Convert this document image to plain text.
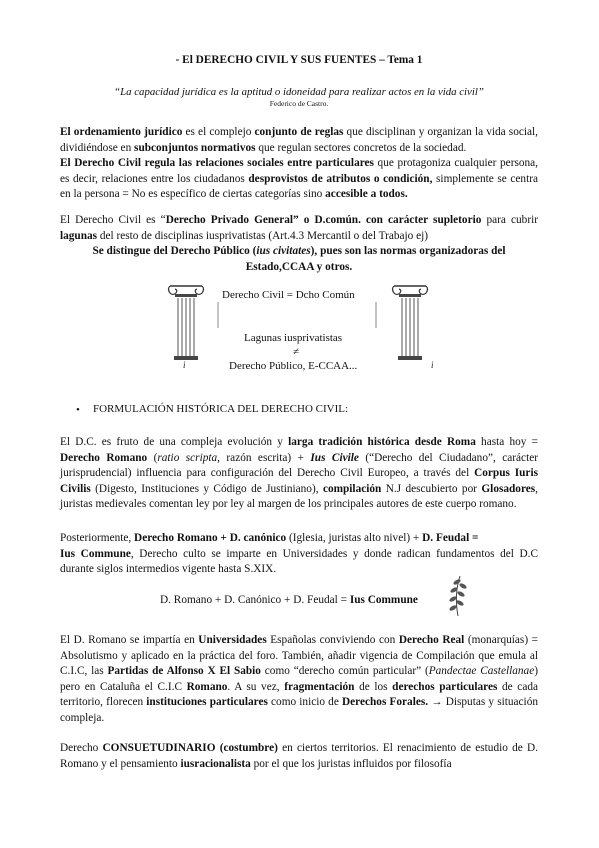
- El DERECHO CIVIL Y SUS FUENTES – Tema 1
“La capacidad jurídica es la aptitud o idoneidad para realizar actos en la vida civil”
Federico de Castro.

El ordenamiento jurídico es el complejo conjunto de reglas que disciplinan y organizan la vida social, dividiéndose en subconjuntos normativos que regulan sectores concretos de la sociedad.

El Derecho Civil regula las relaciones sociales entre particulares que protagoniza cualquier persona, es decir, relaciones entre los ciudadanos desprovistos de atributos o condición, simplemente se centra en la persona = No es específico de ciertas categorías sino accesible a todos.

El Derecho Civil es “Derecho Privado General” o D.común. con carácter supletorio para cubrir lagunas del resto de disciplinas iusprivatistas (Art.4.3 Mercantil o del Trabajo ej)

Se distingue del Derecho Público (ius civitates), pues son las normas organizadoras del Estado,CCAA y otros.

Derecho Civil = Dcho Común
Lagunas iusprivatistas
≠
Derecho Público, E-CCAA...
i	i
• FORMULACIÓN HISTÓRICA DEL DERECHO CIVIL:

El D.C. es fruto de una compleja evolución y larga tradición histórica desde Roma hasta hoy = Derecho Romano (ratio scripta, razón escrita) + Ius Civile (“Derecho del Ciudadano”, carácter jurisprudencial) influencia para configuración del Derecho Civil Europeo, a través del Corpus Iuris Civilis (Digesto, Instituciones y Código de Justiniano), compilación N.J descubierto por Glosadores, juristas medievales comentan ley por ley al margen de los principales autores de este cuerpo romano.

Posteriormente, Derecho Romano + D. canónico (Iglesia, juristas alto nivel) + D. Feudal =
Ius Commune, Derecho culto se imparte en Universidades y donde radican fundamentos del D.C durante siglos intermedios vigente hasta S.XIX.

D. Romano + D. Canónico + D. Feudal = Ius Commune

El D. Romano se impartía en Universidades Españolas conviviendo con Derecho Real (monarquías) = Absolutismo y aplicado en la práctica del foro. También, añadir vigencia de Compilación que emula al C.I.C, las Partidas de Alfonso X El Sabio como “derecho común particular” (Pandectae Castellanae) pero en Cataluña el C.I.C Romano. A su vez, fragmentación de los derechos particulares de cada territorio, florecen instituciones particulares como inicio de Derechos Forales. → Disputas y situación compleja.

Derecho CONSUETUDINARIO (costumbre) en ciertos territorios. El renacimiento de estudio de D. Romano y el pensamiento iusracionalista por el que los juristas influidos por filosofía
